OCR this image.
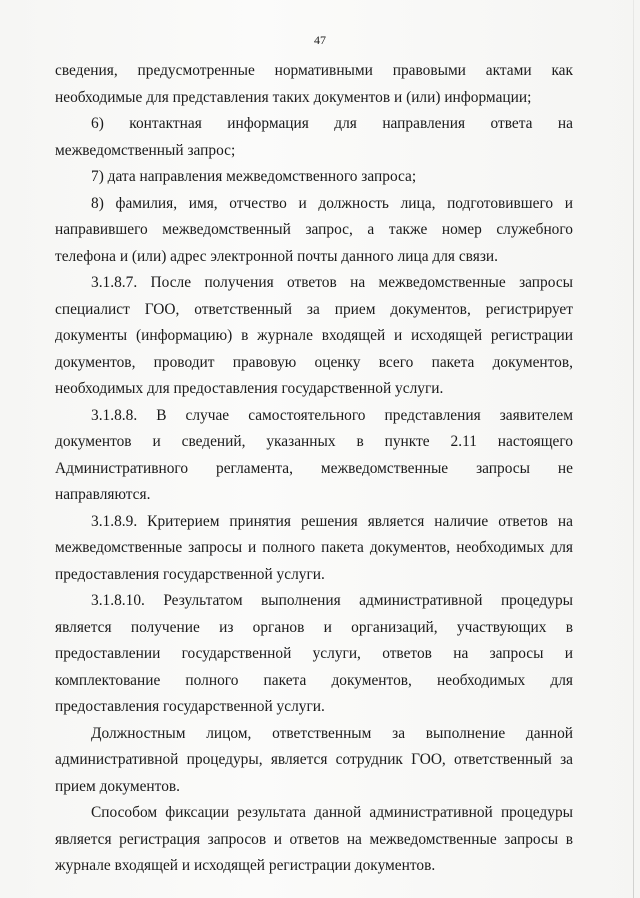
47

сведения, предусмотренные нормативными правовыми актами как необходимые для представления таких документов и (или) информации;

6) контактная информация для направления ответа на межведомственный запрос;

7) дата направления межведомственного запроса;

8) фамилия, имя, отчество и должность лица, подготовившего и направившего межведомственный запрос, а также номер служебного телефона и (или) адрес электронной почты данного лица для связи.

3.1.8.7. После получения ответов на межведомственные запросы специалист ГОО, ответственный за прием документов, регистрирует документы (информацию) в журнале входящей и исходящей регистрации документов, проводит правовую оценку всего пакета документов, необходимых для предоставления государственной услуги.

3.1.8.8. В случае самостоятельного представления заявителем документов и сведений, указанных в пункте 2.11 настоящего Административного регламента, межведомственные запросы не направляются.

3.1.8.9. Критерием принятия решения является наличие ответов на межведомственные запросы и полного пакета документов, необходимых для предоставления государственной услуги.

3.1.8.10. Результатом выполнения административной процедуры является получение из органов и организаций, участвующих в предоставлении государственной услуги, ответов на запросы и комплектование полного пакета документов, необходимых для предоставления государственной услуги.

Должностным лицом, ответственным за выполнение данной административной процедуры, является сотрудник ГОО, ответственный за прием документов.

Способом фиксации результата данной административной процедуры является регистрация запросов и ответов на межведомственные запросы в журнале входящей и исходящей регистрации документов.
